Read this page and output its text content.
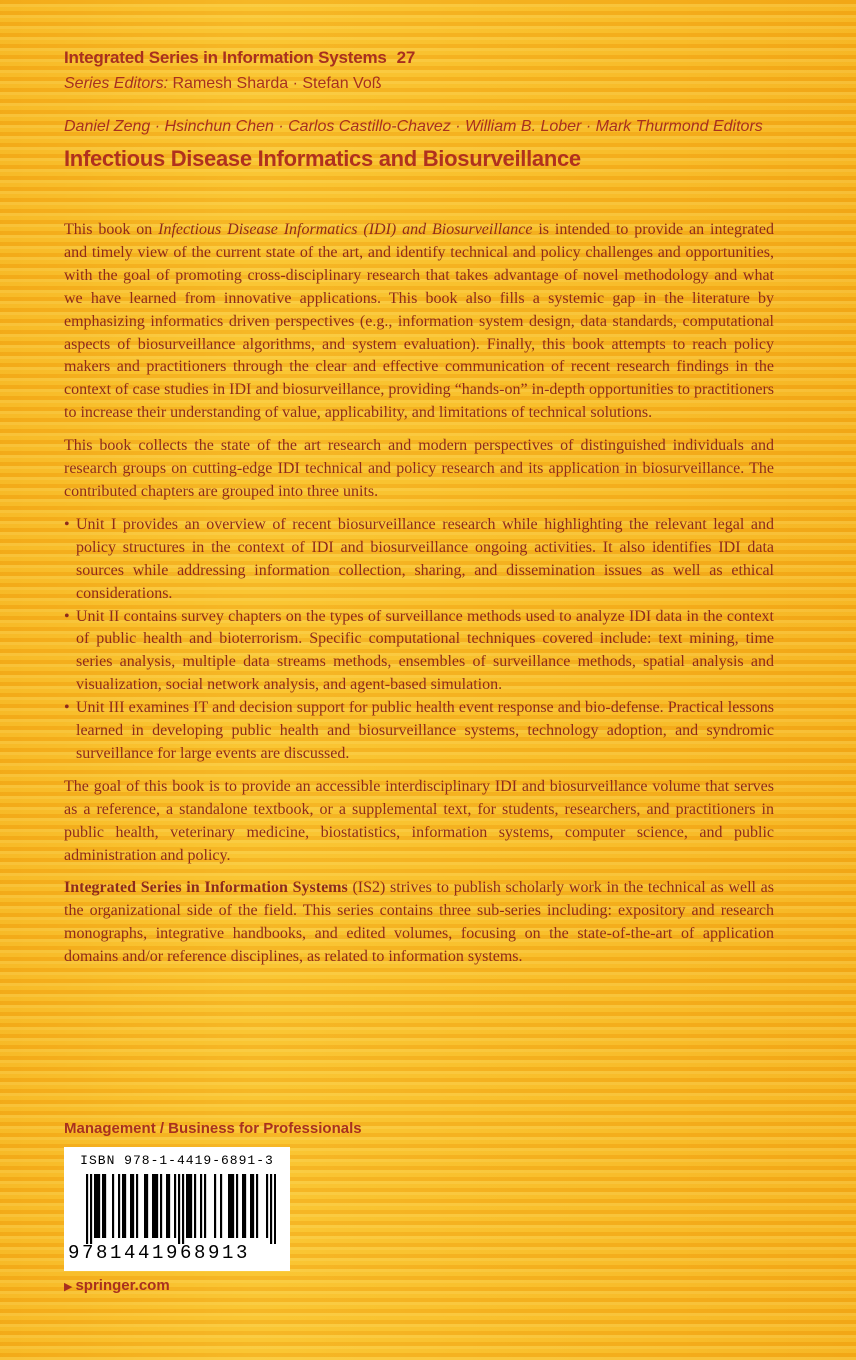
Integrated Series in Information Systems 27
Series Editors: Ramesh Sharda · Stefan Voß
Daniel Zeng · Hsinchun Chen · Carlos Castillo-Chavez · William B. Lober · Mark Thurmond Editors
Infectious Disease Informatics and Biosurveillance

This book on Infectious Disease Informatics (IDI) and Biosurveillance is intended to provide an integrated and timely view of the current state of the art, and identify technical and policy challenges and opportunities, with the goal of promoting cross-disciplinary research that takes advantage of novel methodology and what we have learned from innovative applications. This book also fills a systemic gap in the literature by emphasizing informatics driven perspectives (e.g., information system design, data standards, computational aspects of biosurveillance algorithms, and system evaluation). Finally, this book attempts to reach policy makers and practitioners through the clear and effective communication of recent research findings in the context of case studies in IDI and biosurveillance, providing “hands-on” in-depth opportunities to practitioners to increase their understanding of value, applicability, and limitations of technical solutions.

This book collects the state of the art research and modern perspectives of distinguished individuals and research groups on cutting-edge IDI technical and policy research and its application in biosurveillance. The contributed chapters are grouped into three units.

• Unit I provides an overview of recent biosurveillance research while highlighting the relevant legal and policy structures in the context of IDI and biosurveillance ongoing activities. It also identifies IDI data sources while addressing information collection, sharing, and dissemination issues as well as ethical considerations.
• Unit II contains survey chapters on the types of surveillance methods used to analyze IDI data in the context of public health and bioterrorism. Specific computational techniques covered include: text mining, time series analysis, multiple data streams methods, ensembles of surveillance methods, spatial analysis and visualization, social network analysis, and agent-based simulation.
• Unit III examines IT and decision support for public health event response and bio-defense. Practical lessons learned in developing public health and biosurveillance systems, technology adoption, and syndromic surveillance for large events are discussed.

The goal of this book is to provide an accessible interdisciplinary IDI and biosurveillance volume that serves as a reference, a standalone textbook, or a supplemental text, for students, researchers, and practitioners in public health, veterinary medicine, biostatistics, information systems, computer science, and public administration and policy.

Integrated Series in Information Systems (IS2) strives to publish scholarly work in the technical as well as the organizational side of the field. This series contains three sub-series including: expository and research monographs, integrative handbooks, and edited volumes, focusing on the state-of-the-art of application domains and/or reference disciplines, as related to information systems.

Management / Business for Professionals
ISBN 978-1-4419-6891-3
9781441968913
▶ springer.com
